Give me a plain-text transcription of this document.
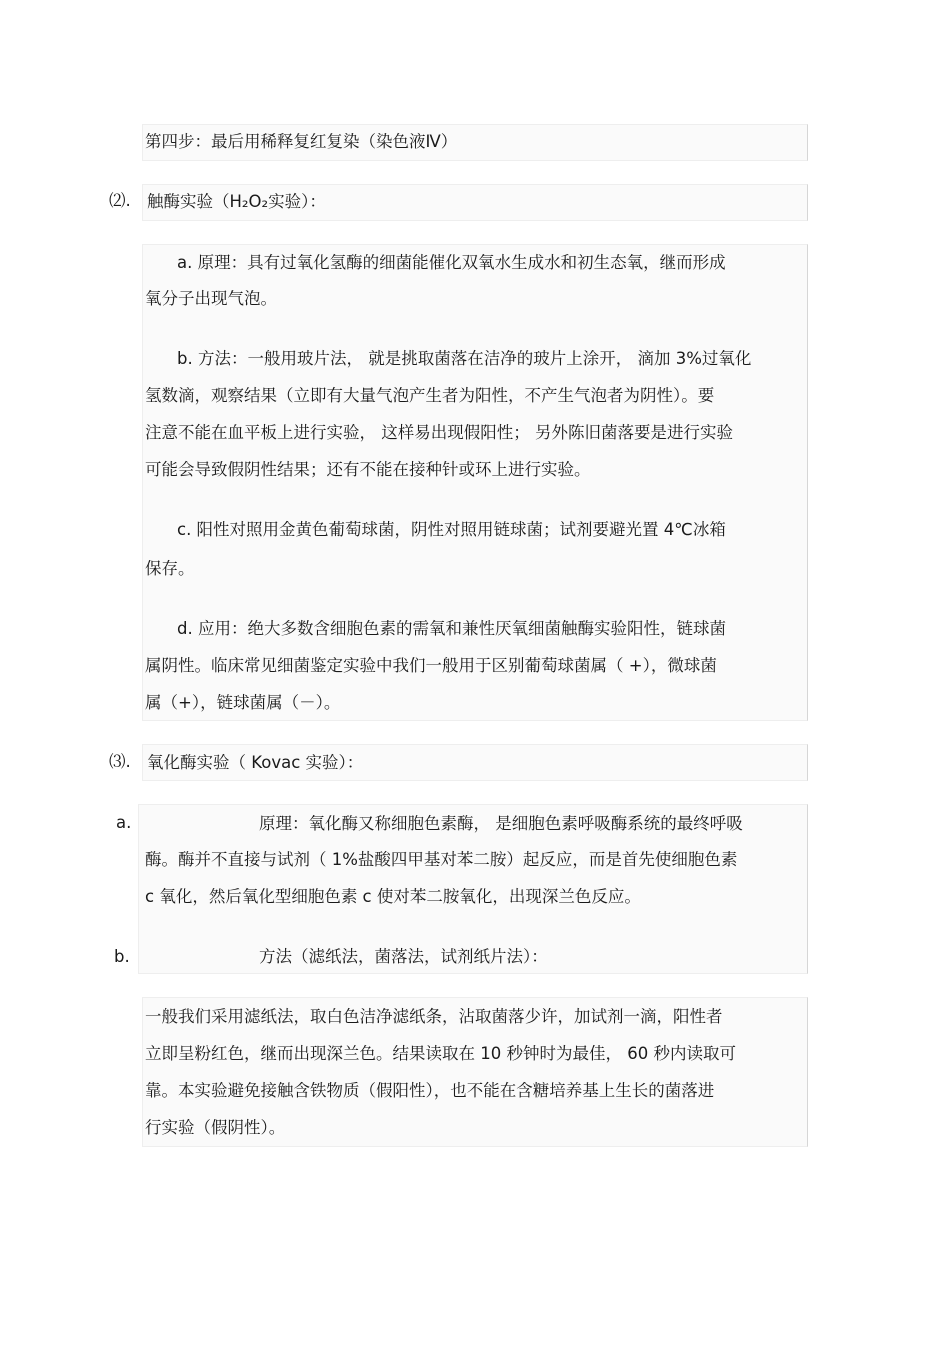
第四步：最后用稀释复红复染（染色液Ⅳ）
⑵. 触酶实验（H₂O₂实验）：
a. 原理：具有过氧化氢酶的细菌能催化双氧水生成水和初生态氧，继而形成
氧分子出现气泡。
b. 方法：一般用玻片法， 就是挑取菌落在洁净的玻片上涂开， 滴加 3%过氧化
氢数滴，观察结果（立即有大量气泡产生者为阳性，不产生气泡者为阴性）。要
注意不能在血平板上进行实验， 这样易出现假阳性； 另外陈旧菌落要是进行实验
可能会导致假阴性结果；还有不能在接种针或环上进行实验。
c. 阳性对照用金黄色葡萄球菌，阴性对照用链球菌；试剂要避光置 4℃冰箱
保存。
d. 应用：绝大多数含细胞色素的需氧和兼性厌氧细菌触酶实验阳性，链球菌
属阴性。临床常见细菌鉴定实验中我们一般用于区别葡萄球菌属（ +），微球菌
属（+），链球菌属（－）。
⑶. 氧化酶实验（ Kovac 实验）：
a.	原理：氧化酶又称细胞色素酶， 是细胞色素呼吸酶系统的最终呼吸
酶。酶并不直接与试剂（ 1%盐酸四甲基对苯二胺）起反应，而是首先使细胞色素
c 氧化，然后氧化型细胞色素 c 使对苯二胺氧化，出现深兰色反应。
方法（滤纸法，菌落法，试剂纸片法）：
b.
一般我们采用滤纸法，取白色洁净滤纸条，沾取菌落少许，加试剂一滴，阳性者
立即呈粉红色，继而出现深兰色。结果读取在 10 秒钟时为最佳， 60 秒内读取可
靠。本实验避免接触含铁物质（假阳性），也不能在含糖培养基上生长的菌落进
行实验（假阴性）。
